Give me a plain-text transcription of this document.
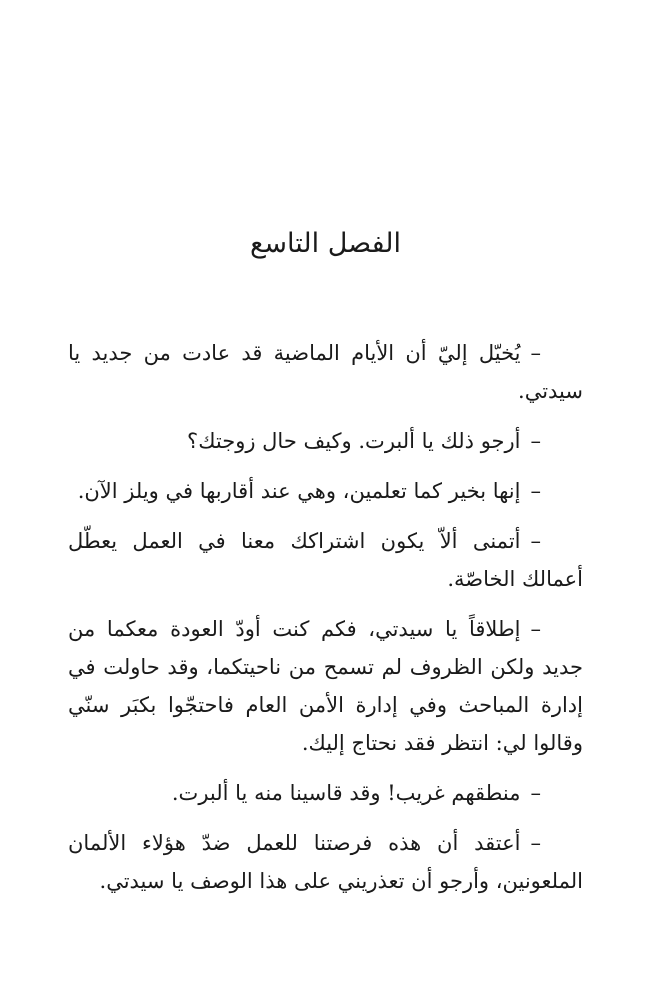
الفصل التاسع

–يُخيّل إليّ أن الأيام الماضية قد عادت من جديد يا سيدتي.

–أرجو ذلك يا ألبرت. وكيف حال زوجتك؟

–إنها بخير كما تعلمين، وهي عند أقاربها في ويلز الآن.

–أتمنى ألاّ يكون اشتراكك معنا في العمل يعطّل أعمالك الخاصّة.

–إطلاقاً يا سيدتي، فكم كنت أودّ العودة معكما من جديد ولكن الظروف لم تسمح من ناحيتكما، وقد حاولت في إدارة المباحث وفي إدارة الأمن العام فاحتجّوا بكبَر سنّي وقالوا لي: انتظر فقد نحتاج إليك.

–منطقهم غريب! وقد قاسينا منه يا ألبرت.

–أعتقد أن هذه فرصتنا للعمل ضدّ هؤلاء الألمان الملعونين، وأرجو أن تعذريني على هذا الوصف يا سيدتي.
